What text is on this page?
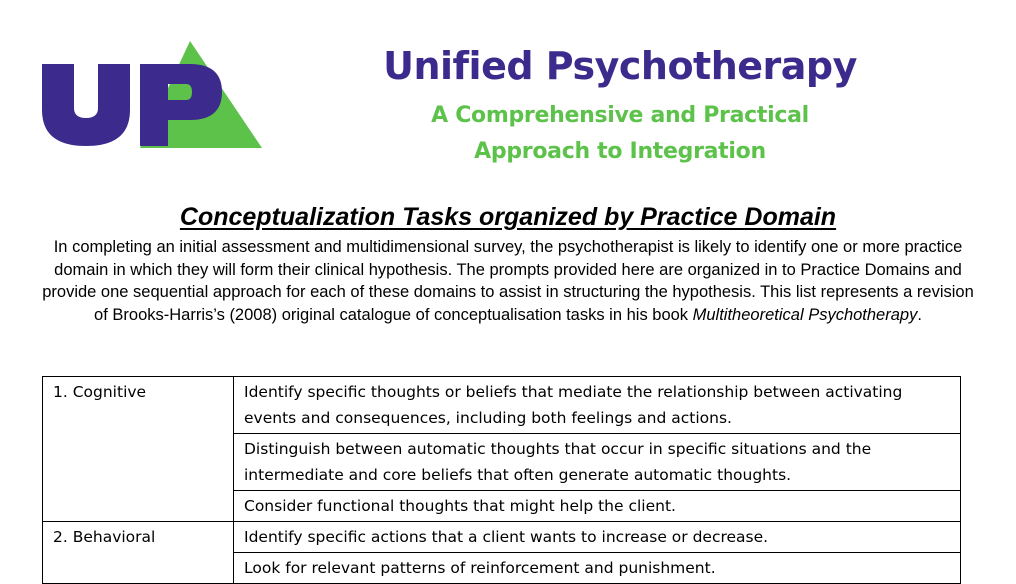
Unified Psychotherapy
A Comprehensive and Practical
Approach to Integration
Conceptualization Tasks organized by Practice Domain
In completing an initial assessment and multidimensional survey, the psychotherapist is likely to identify one or more practice domain in which they will form their clinical hypothesis. The prompts provided here are organized in to Practice Domains and provide one sequential approach for each of these domains to assist in structuring the hypothesis. This list represents a revision of Brooks-Harris’s (2008) original catalogue of conceptualisation tasks in his book Multitheoretical Psychotherapy.
1. Cognitive	Identify specific thoughts or beliefs that mediate the relationship between activating events and consequences, including both feelings and actions.
	Distinguish between automatic thoughts that occur in specific situations and the intermediate and core beliefs that often generate automatic thoughts.
	Consider functional thoughts that might help the client.
2. Behavioral	Identify specific actions that a client wants to increase or decrease.
	Look for relevant patterns of reinforcement and punishment.
